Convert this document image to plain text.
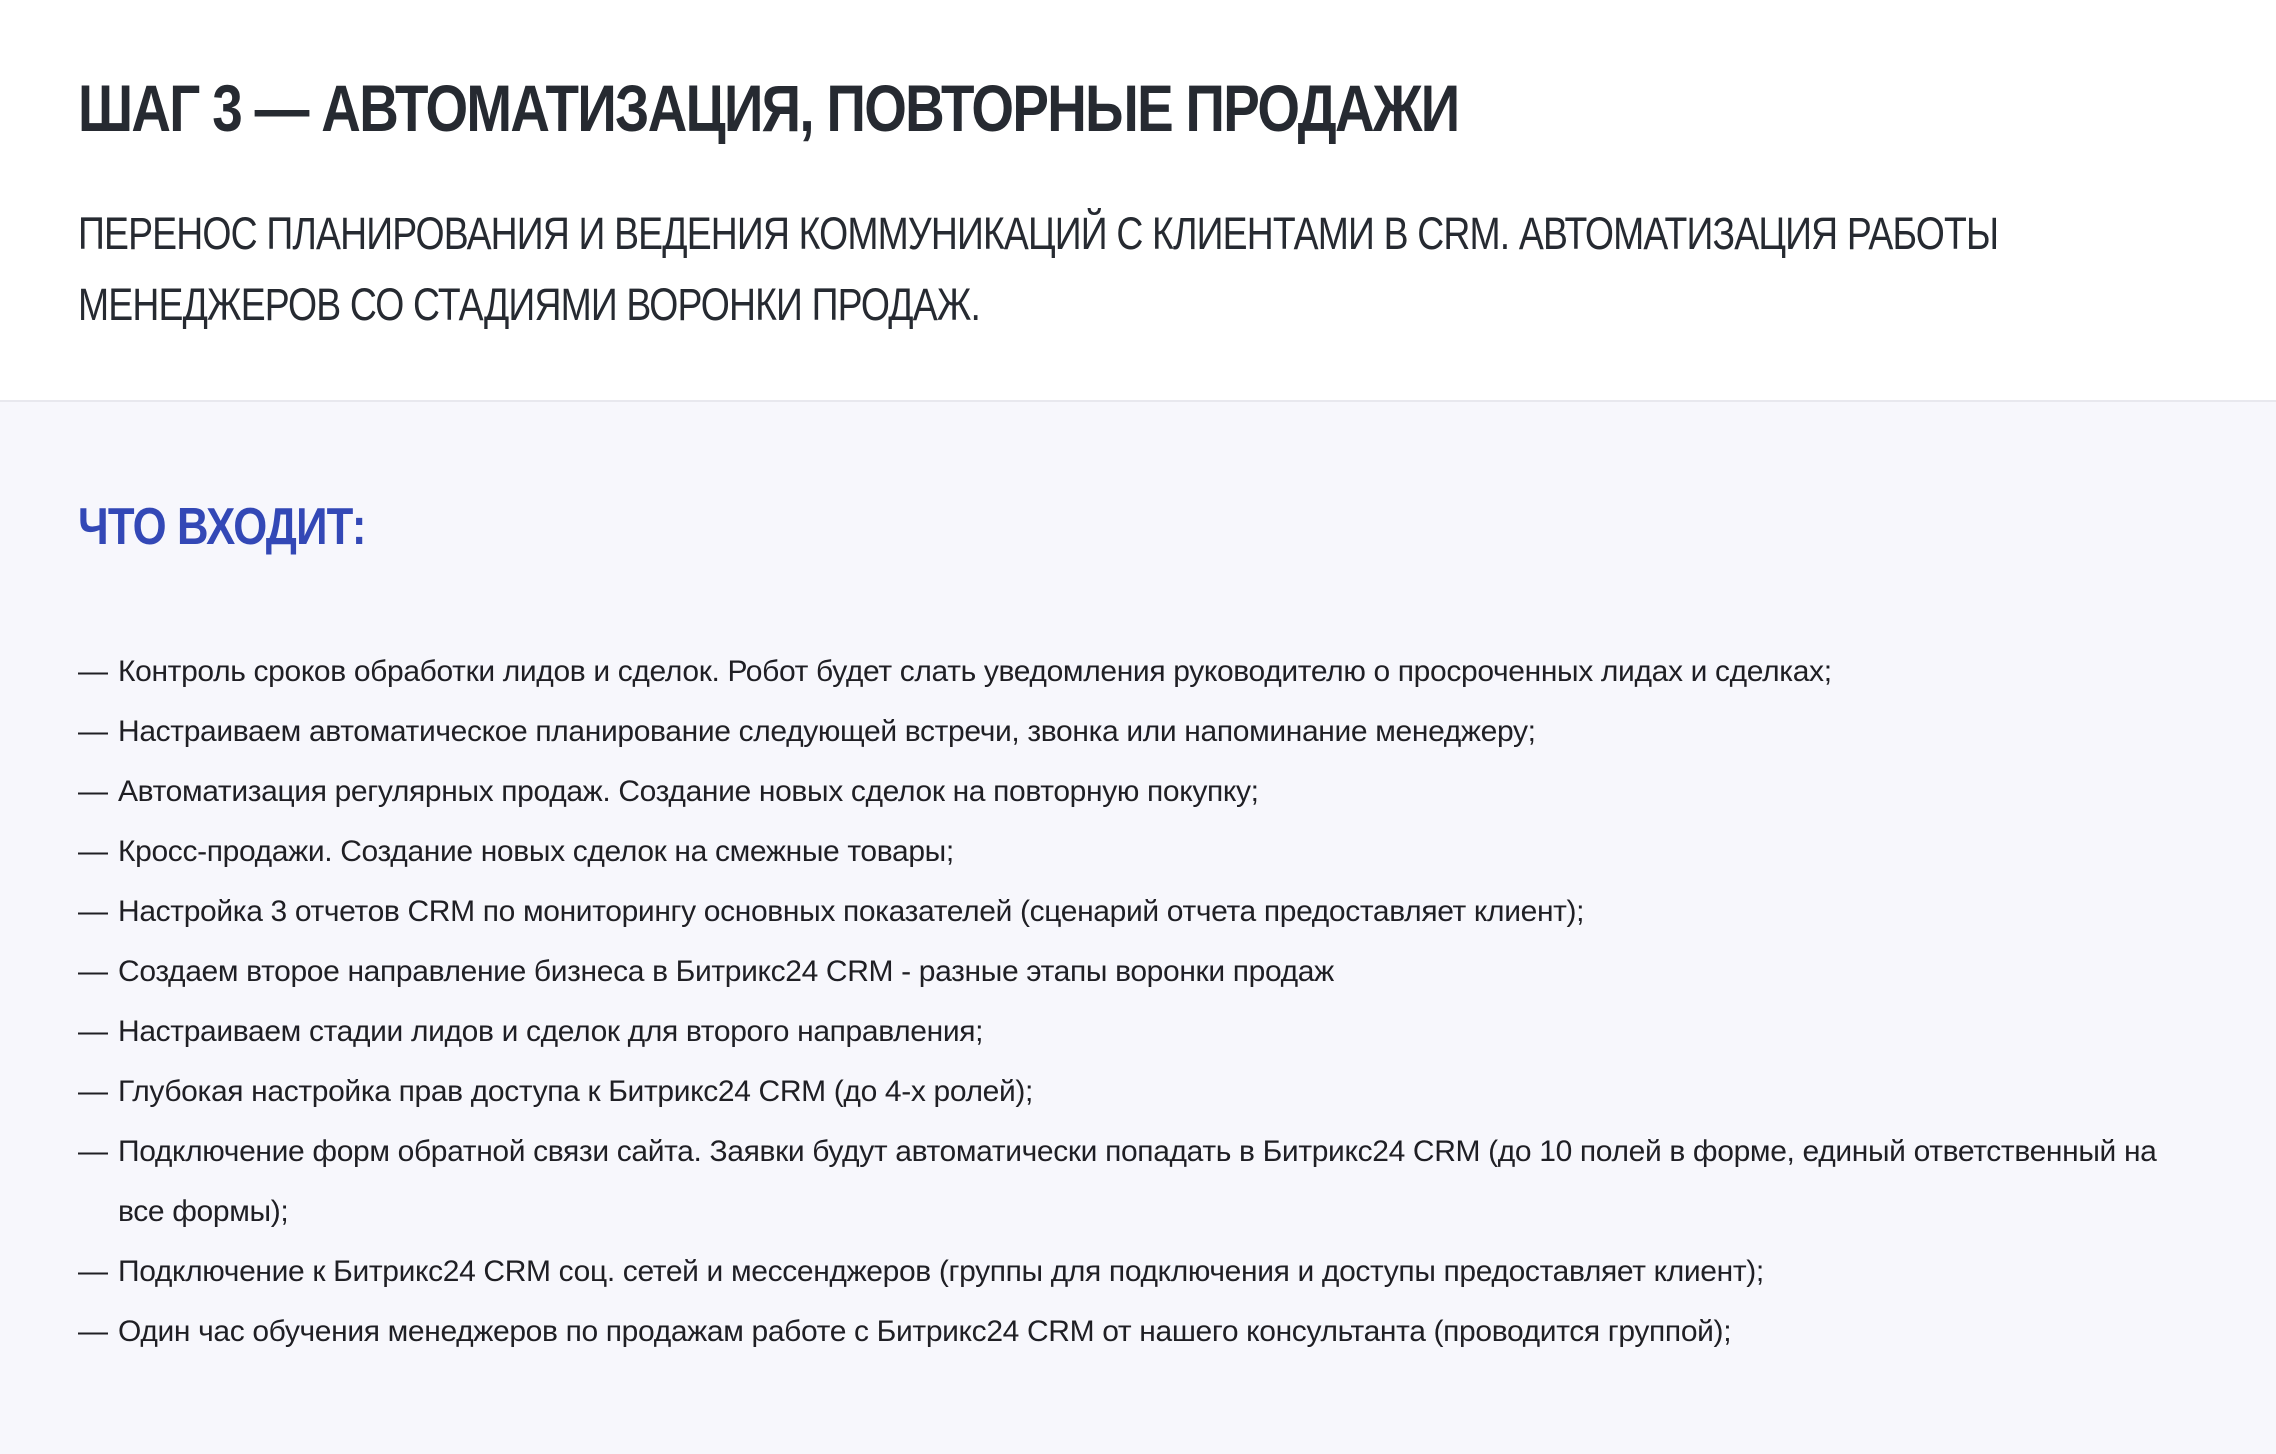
ШАГ 3 — АВТОМАТИЗАЦИЯ, ПОВТОРНЫЕ ПРОДАЖИ

ПЕРЕНОС ПЛАНИРОВАНИЯ И ВЕДЕНИЯ КОММУНИКАЦИЙ С КЛИЕНТАМИ В CRM. АВТОМАТИЗАЦИЯ РАБОТЫ МЕНЕДЖЕРОВ СО СТАДИЯМИ ВОРОНКИ ПРОДАЖ.

ЧТО ВХОДИТ:
— Контроль сроков обработки лидов и сделок. Робот будет слать уведомления руководителю о просроченных лидах и сделках;
— Настраиваем автоматическое планирование следующей встречи, звонка или напоминание менеджеру;
— Автоматизация регулярных продаж. Создание новых сделок на повторную покупку;
— Кросс-продажи. Создание новых сделок на смежные товары;
— Настройка 3 отчетов CRM по мониторингу основных показателей (сценарий отчета предоставляет клиент);
— Создаем второе направление бизнеса в Битрикс24 CRM - разные этапы воронки продаж
— Настраиваем стадии лидов и сделок для второго направления;
— Глубокая настройка прав доступа к Битрикс24 CRM (до 4-х ролей);
— Подключение форм обратной связи сайта. Заявки будут автоматически попадать в Битрикс24 CRM (до 10 полей в форме, единый ответственный на все формы);
— Подключение к Битрикс24 CRM соц. сетей и мессенджеров (группы для подключения и доступы предоставляет клиент);
— Один час обучения менеджеров по продажам работе с Битрикс24 CRM от нашего консультанта (проводится группой);
